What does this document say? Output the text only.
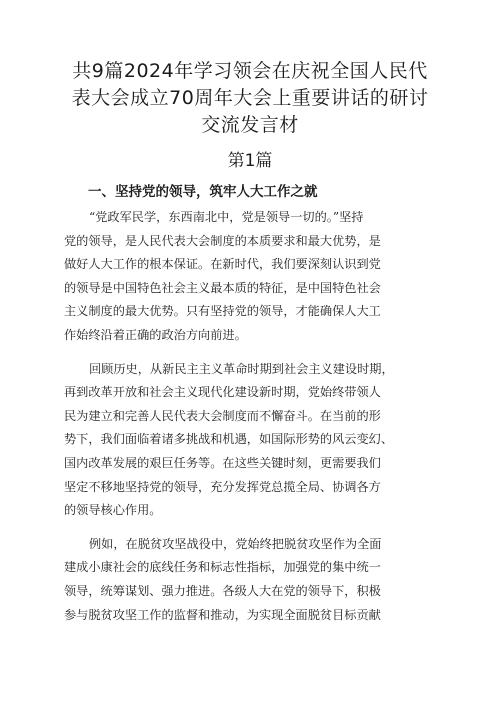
共9篇2024年学习领会在庆祝全国人民代
表大会成立70周年大会上重要讲话的研讨
交流发言材
第1篇
一、坚持党的领导，筑牢人大工作之就
“党政军民学，东西南北中，党是领导一切的。”坚持
党的领导，是人民代表大会制度的本质要求和最大优势，是
做好人大工作的根本保证。在新时代，我们要深刻认识到党
的领导是中国特色社会主义最本质的特征，是中国特色社会
主义制度的最大优势。只有坚持党的领导，才能确保人大工
作始终沿着正确的政治方向前进。
回顾历史，从新民主主义革命时期到社会主义建设时期，
再到改革开放和社会主义现代化建设新时期，党始终带领人
民为建立和完善人民代表大会制度而不懈奋斗。在当前的形
势下，我们面临着诸多挑战和机遇，如国际形势的风云变幻、
国内改革发展的艰巨任务等。在这些关键时刻，更需要我们
坚定不移地坚持党的领导，充分发挥党总揽全局、协调各方
的领导核心作用。
例如，在脱贫攻坚战役中，党始终把脱贫攻坚作为全面
建成小康社会的底线任务和标志性指标，加强党的集中统一
领导，统筹谋划、强力推进。各级人大在党的领导下，积极
参与脱贫攻坚工作的监督和推动，为实现全面脱贫目标贡献
